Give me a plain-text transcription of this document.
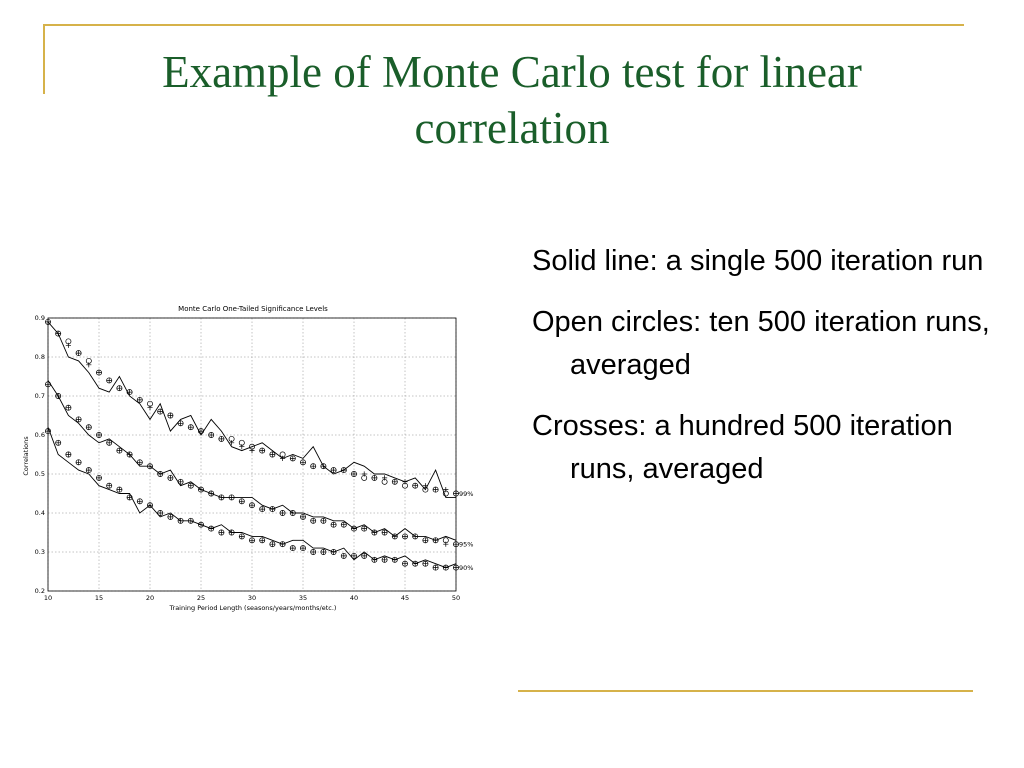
Example of Monte Carlo test for linear correlation
Monte Carlo One-Tailed Significance Levels
Training Period Length (seasons/years/months/etc.)
Correlations
10	15	20	25	30	35	40	45	50
0.2
0.3
0.4
0.5
0.6
0.7
0.8
0.9
99%
95%
90%
Solid line: a single 500 iteration run
Open circles: ten 500 iteration runs, averaged
Crosses: a hundred 500 iteration runs, averaged
